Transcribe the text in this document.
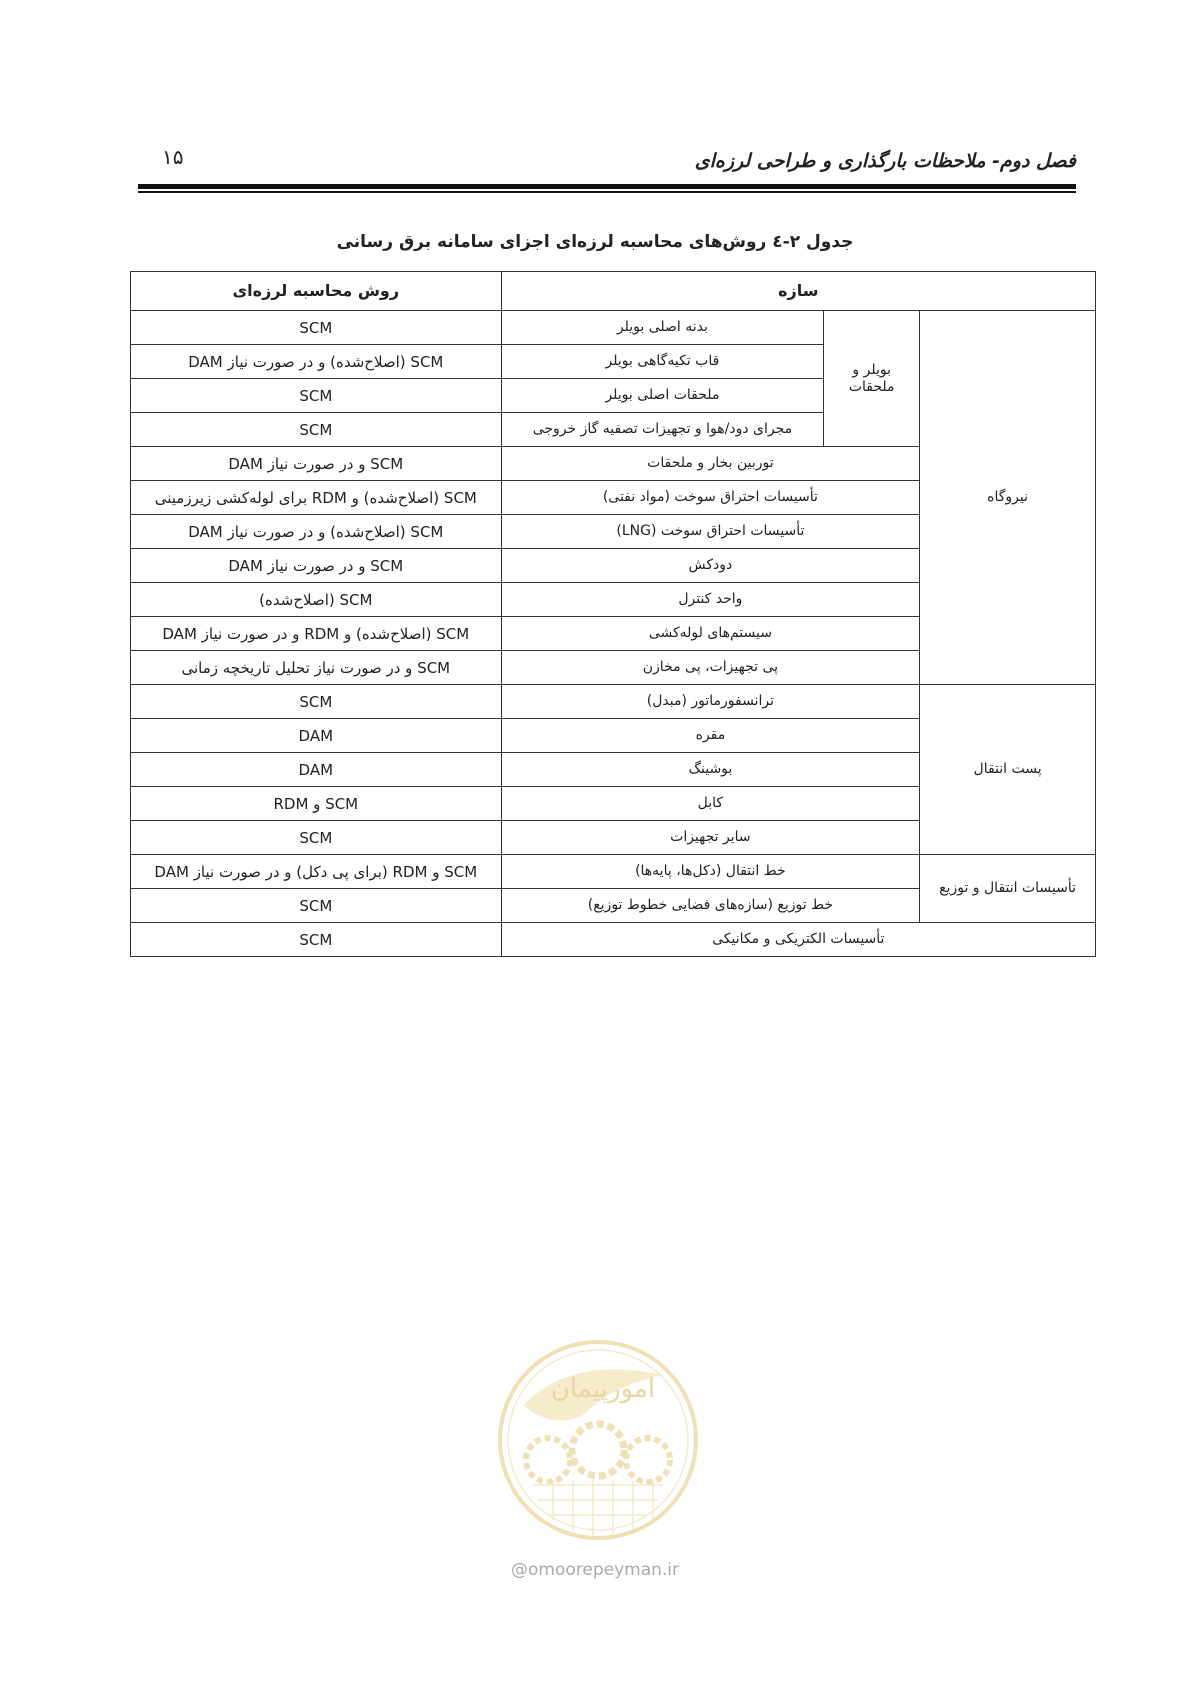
۱۵	فصل دوم- ملاحظات بارگذاری و طراحی لرزه‌ای
جدول ۲-٤ روش‌های محاسبه لرزه‌ای اجزای سامانه برق رسانی
سازه			روش محاسبه لرزه‌ای
نیروگاه	بویلر و ملحقات	بدنه اصلی بویلر	SCM
		قاب تکیه‌گاهی بویلر	SCM (اصلاح‌شده) و در صورت نیاز DAM
		ملحقات اصلی بویلر	SCM
		مجرای دود/هوا و تجهیزات تصفیه گاز خروجی	SCM
	توربین بخار و ملحقات		SCM و در صورت نیاز DAM
	تأسیسات احتراق سوخت (مواد نفتی)		SCM (اصلاح‌شده) و RDM برای لوله‌کشی زیرزمینی
	تأسیسات احتراق سوخت (LNG)		SCM (اصلاح‌شده) و در صورت نیاز DAM
	دودکش		SCM و در صورت نیاز DAM
	واحد کنترل		SCM (اصلاح‌شده)
	سیستم‌های لوله‌کشی		SCM (اصلاح‌شده) و RDM و در صورت نیاز DAM
	پی تجهیزات، پی مخازن		SCM و در صورت نیاز تحلیل تاریخچه زمانی
پست انتقال	ترانسفورماتور (مبدل)		SCM
	مقره		DAM
	بوشینگ		DAM
	کابل		SCM و RDM
	سایر تجهیزات		SCM
تأسیسات انتقال و توزیع	خط انتقال (دکل‌ها، پایه‌ها)		SCM و RDM (برای پی دکل) و در صورت نیاز DAM
	خط توزیع (سازه‌های فضایی خطوط توزیع)		SCM
تأسیسات الکتریکی و مکانیکی			SCM
امورپیمان
@omoorepeyman.ir
